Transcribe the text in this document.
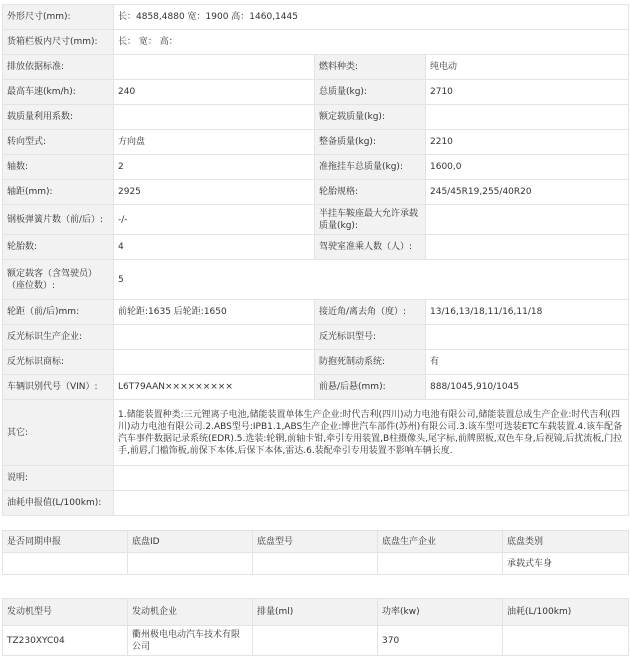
外形尺寸(mm):	长：4858,4880 宽：1900 高：1460,1445		
货箱栏板内尺寸(mm):	长： 宽： 高：		
排放依据标准:		燃料种类:	纯电动
最高车速(km/h):	240	总质量(kg):	2710
载质量利用系数:		额定载质量(kg):	
转向型式:	方向盘	整备质量(kg):	2210
轴数:	2	准拖挂车总质量(kg):	1600,0
轴距(mm):	2925	轮胎规格:	245/45R19,255/40R20
钢板弹簧片数（前/后）:	-/-	半挂车鞍座最大允许承载质量(kg):	
轮胎数:	4	驾驶室准乘人数（人）:	
额定载客（含驾驶员）（座位数）:	5		
轮距（前/后)mm:	前轮距:1635 后轮距:1650	接近角/离去角（度）:	13/16,13/18,11/16,11/18
反光标识生产企业:		反光标识型号:	
反光标识商标:		防抱死制动系统:	有
车辆识别代号（VIN）:	L6T79AAN×××××××××	前悬/后悬(mm):	888/1045,910/1045
其它:	1.储能装置种类:三元锂离子电池,储能装置单体生产企业:时代吉利(四川)动力电池有限公司,储能装置总成生产企业:时代吉利(四川)动力电池有限公司.2.ABS型号:IPB1.1,ABS生产企业:博世汽车部件(苏州)有限公司.3.该车型可选装ETC车载装置.4.该车配备汽车事件数据记录系统(EDR).5.选装:轮辋,前轴卡钳,牵引专用装置,B柱摄像头,尾字标,前牌照板,双色车身,后视镜,后扰流板,门拉手,前唇,门槛饰板,前保下本体,后保下本体,雷达.6.装配牵引专用装置不影响车辆长度.		
说明:			
油耗申报值(L/100km):			
是否同期申报	底盘ID	底盘型号	底盘生产企业	底盘类别
				承载式车身
发动机型号	发动机企业	排量(ml)	功率(kw)	油耗(L/100km)
TZ230XYC04	衢州极电电动汽车技术有限公司		370	
